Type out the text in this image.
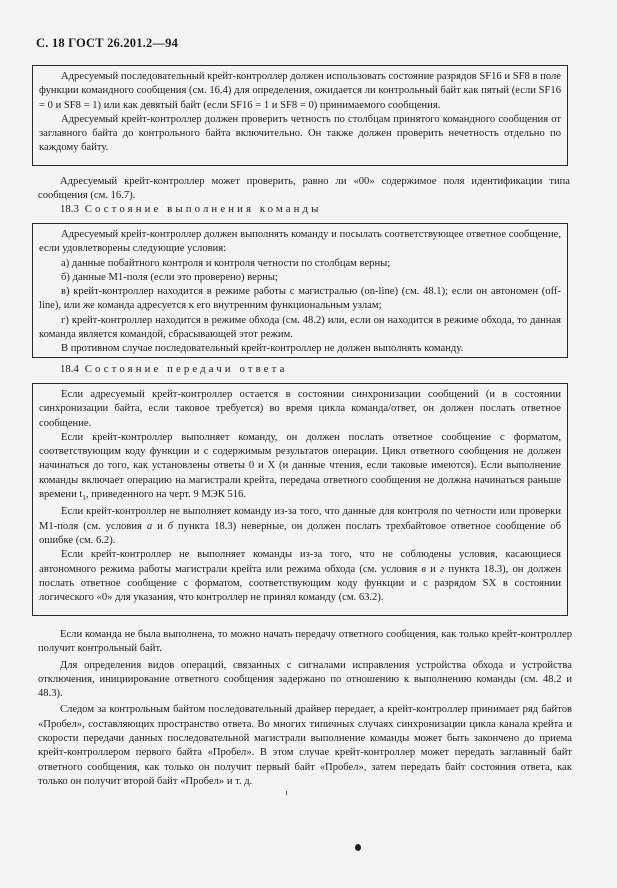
С. 18 ГОСТ 26.201.2—94

Адресуемый последовательный крейт-контроллер должен использовать состояние разрядов SF16 и SF8 в поле функции командного сообщения (см. 16.4) для определения, ожидается ли контрольный байт как пятый (если SF16 = 0 и SF8 = 1) или как девятый байт (если SF16 = 1 и SF8 = 0) принимаемого сообщения.

Адресуемый крейт-контроллер должен проверить четность по столбцам принятого командного сообщения от заглавного байта до контрольного байта включительно. Он также должен проверить нечетность отдельно по каждому байту.

Адресуемый крейт-контроллер может проверить, равно ли «00» содержимое поля идентификации типа сообщения (см. 16.7).

18.3 Состояние выполнения команды

Адресуемый крейт-контроллер должен выполнять команду и посылать соответствующее ответное сообщение, если удовлетворены следующие условия:

а) данные побайтного контроля и контроля четности по столбцам верны;

б) данные М1-поля (если это проверено) верны;

в) крейт-контроллер находится в режиме работы с магистралью (on-line) (см. 48.1); если он автономен (off-line), или же команда адресуется к его внутренним функциональным узлам;

г) крейт-контроллер находится в режиме обхода (см. 48.2) или, если он находится в режиме обхода, то данная команда является командой, сбрасывающей этот режим.

В противном случае последовательный крейт-контроллер не должен выполнять команду.

18.4 Состояние передачи ответа

Если адресуемый крейт-контроллер остается в состоянии синхронизации сообщений (и в состоянии синхронизации байта, если таковое требуется) во время цикла команда/ответ, он должен послать ответное сообщение.

Если крейт-контроллер выполняет команду, он должен послать ответное сообщение с форматом, соответствующим коду функции и с содержимым результатов операции. Цикл ответного сообщения не должен начинаться до того, как установлены ответы 0 и X (и данные чтения, если таковые имеются). Если выполнение команды включает операцию на магистрали крейта, передача ответного сообщения не должна начинаться раньше времени $t_1$, приведенного на черт. 9 МЭК 516.

Если крейт-контроллер не выполняет команду из-за того, что данные для контроля по четности или проверки М1-поля (см. условия а и б пункта 18.3) неверные, он должен послать трехбайтовое ответное сообщение об ошибке (см. 6.2).

Если крейт-контроллер не выполняет команды из-за того, что не соблюдены условия, касающиеся автономного режима работы магистрали крейта или режима обхода (см. условия в и г пункта 18.3), он должен послать ответное сообщение с форматом, соответствующим коду функции и с разрядом SX в состоянии логического «0» для указания, что контроллер не принял команду (см. 63.2).

Если команда не была выполнена, то можно начать передачу ответного сообщения, как только крейт-контроллер получит контрольный байт.

Для определения видов операций, связанных с сигналами исправления устройства обхода и устройства отключения, инициирование ответного сообщения задержано по отношению к выполнению команды (см. 48.2 и 48.3).

Следом за контрольным байтом последовательный драйвер передает, а крейт-контроллер принимает ряд байтов «Пробел», составляющих пространство ответа. Во многих типичных случаях синхронизации цикла канала крейта и скорости передачи данных последовательной магистрали выполнение команды может быть закончено до приема крейт-контроллером первого байта «Пробел». В этом случае крейт-контроллер может передать заглавный байт ответного сообщения, как только он получит первый байт «Пробел», затем передать байт состояния ответа, как только он получит второй байт «Пробел» и т. д.
